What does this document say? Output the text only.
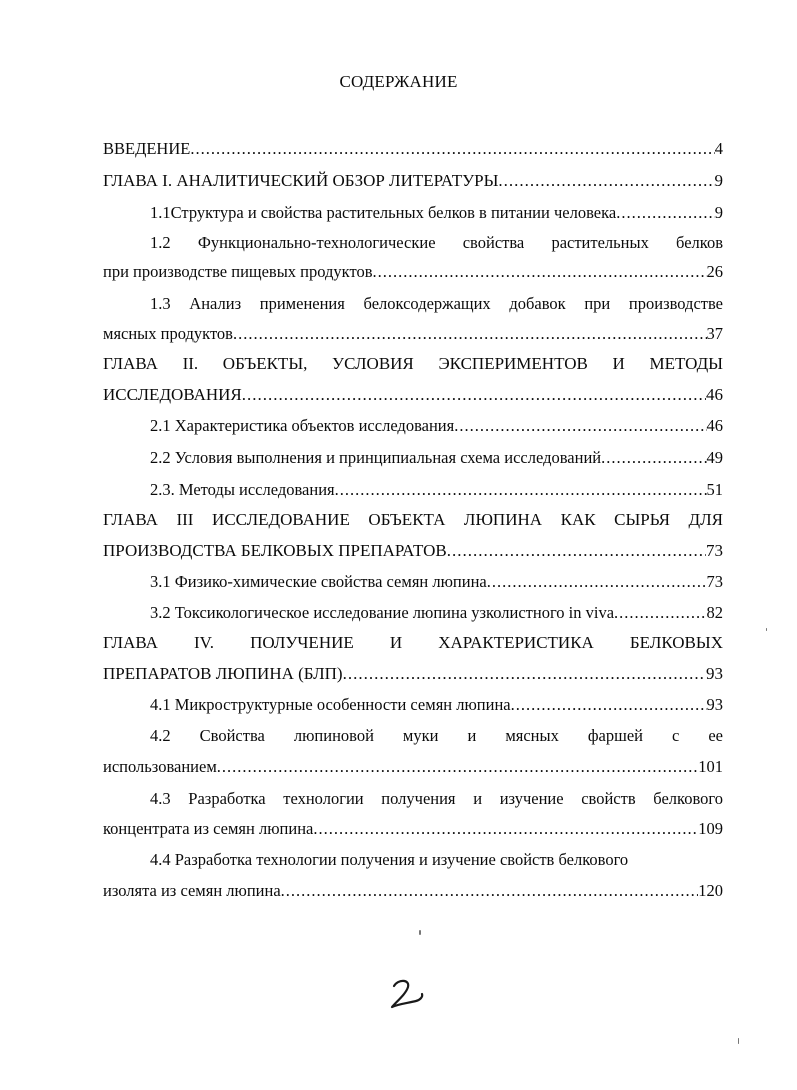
СОДЕРЖАНИЕ
ВВЕДЕНИЕ .....	4
ГЛАВА I. АНАЛИТИЧЕСКИЙ ОБЗОР ЛИТЕРАТУРЫ .....	9
1.1Структура и свойства растительных белков в питании человека .....	9
1.2 Функционально-технологические свойства растительных белков
при производстве пищевых продуктов .....	26
1.3 Анализ применения белоксодержащих добавок при производстве
мясных продуктов .....	37
ГЛАВА II. ОБЪЕКТЫ, УСЛОВИЯ ЭКСПЕРИМЕНТОВ И МЕТОДЫ
ИССЛЕДОВАНИЯ .....	46
2.1 Характеристика объектов исследования .....	46
2.2 Условия выполнения и принципиальная схема исследований .....	49
2.3. Методы исследования .....	51
ГЛАВА III ИССЛЕДОВАНИЕ ОБЪЕКТА ЛЮПИНА КАК СЫРЬЯ ДЛЯ
ПРОИЗВОДСТВА БЕЛКОВЫХ ПРЕПАРАТОВ .....	73
3.1 Физико-химические свойства семян люпина .....	73
3.2 Токсикологическое исследование люпина узколистного in viva .....	82
ГЛАВА IV. ПОЛУЧЕНИЕ И ХАРАКТЕРИСТИКА БЕЛКОВЫХ
ПРЕПАРАТОВ ЛЮПИНА (БЛП) .....	93
4.1 Микроструктурные особенности семян люпина .....	93
4.2 Свойства люпиновой муки и мясных фаршей с ее
использованием .....	101
4.3 Разработка технологии получения и изучение свойств белкового
концентрата из семян люпина .....	109
4.4 Разработка технологии получения и изучение свойств белкового
изолята из семян люпина .....	120
